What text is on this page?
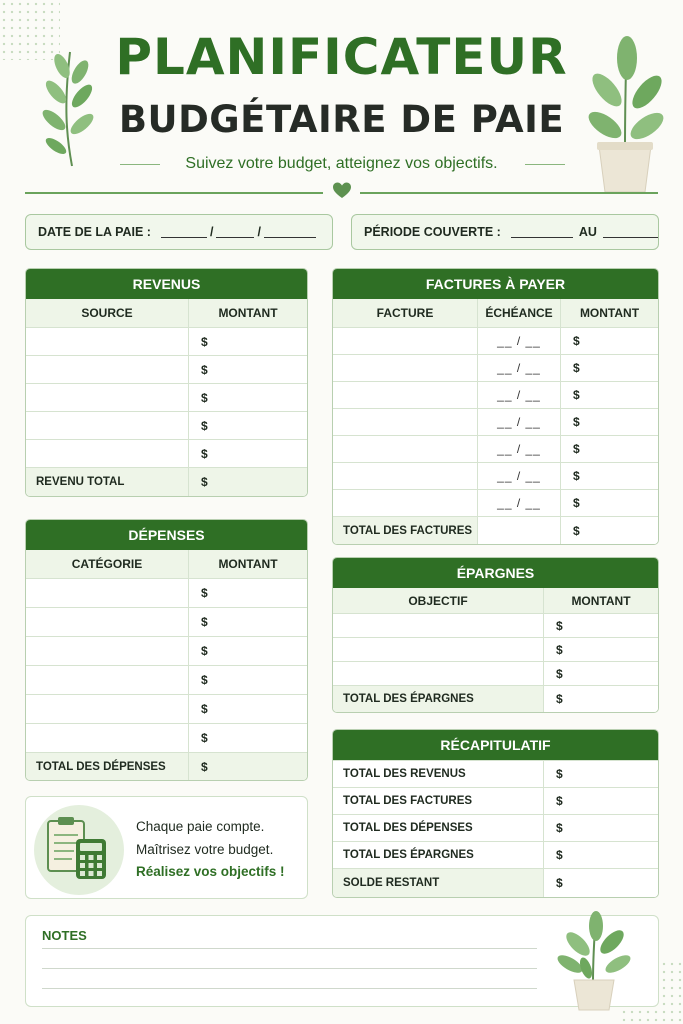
PLANIFICATEUR
BUDGÉTAIRE DE PAIE
Suivez votre budget, atteignez vos objectifs.
DATE DE LA PAIE :	/	/	PÉRIODE COUVERTE :	AU
REVENUS
SOURCE	MONTANT
$
$
$
$
$
REVENU TOTAL	$
DÉPENSES
CATÉGORIE	MONTANT
$
$
$
$
$
$
TOTAL DES DÉPENSES	$
FACTURES À PAYER
FACTURE	ÉCHÉANCE	MONTANT
__ / __	$
__ / __	$
__ / __	$
__ / __	$
__ / __	$
__ / __	$
__ / __	$
TOTAL DES FACTURES	$
ÉPARGNES
OBJECTIF	MONTANT
$
$
$
TOTAL DES ÉPARGNES	$
RÉCAPITULATIF
TOTAL DES REVENUS	$
TOTAL DES FACTURES	$
TOTAL DES DÉPENSES	$
TOTAL DES ÉPARGNES	$
SOLDE RESTANT	$
Chaque paie compte.
Maîtrisez votre budget.
Réalisez vos objectifs !
NOTES
